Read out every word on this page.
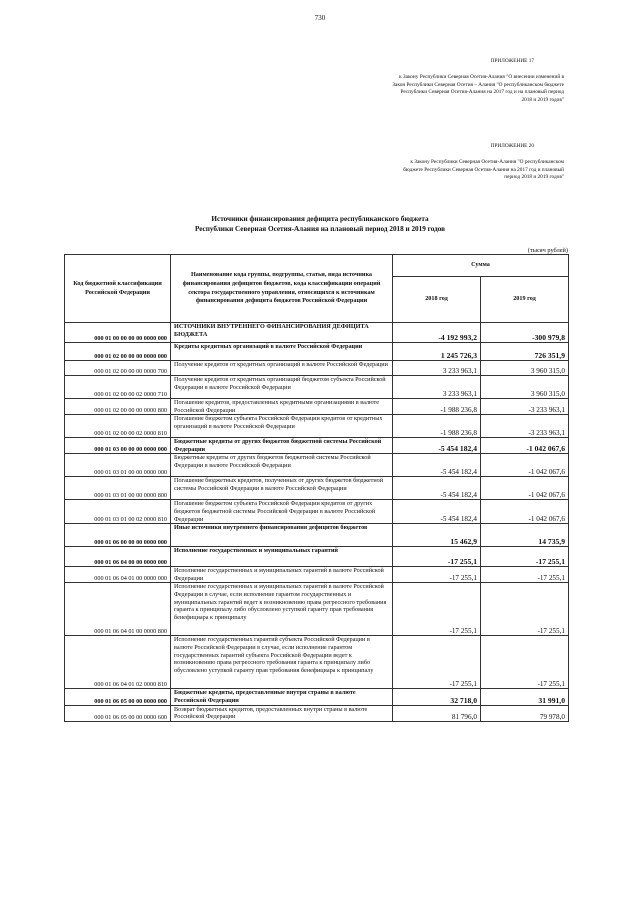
730
ПРИЛОЖЕНИЕ 17
к Закону Республики Северная Осетия-Алания "О внесении изменений в Закон Республики Северная Осетия – Алания "О республиканском бюджете Республики Северная Осетия-Алания на 2017 год и на плановый период 2018 и 2019 годов"
ПРИЛОЖЕНИЕ 20
к Закону Республики Северная Осетия-Алания "О республиканском бюджете Республики Северная Осетия-Алания на 2017 год и плановый период 2018 и 2019 годов"
Источники финансирования дефицита республиканского бюджета
Республики Северная Осетия-Алания на плановый период 2018 и 2019 годов
(тысяч рублей)
Код бюджетной классификации Российской Федерации	Наименование кода группы, подгруппы, статьи, вида источника финансирования дефицитов бюджетов, кода классификации операций сектора государственного управления, относящихся к источникам финансирования дефицита бюджетов Российской Федерации	Сумма	
		2018 год	2019 год
000 01 00 00 00 00 0000 000	ИСТОЧНИКИ ВНУТРЕННЕГО ФИНАНСИРОВАНИЯ ДЕФИЦИТА БЮДЖЕТА	-4 192 993,2	-300 979,8
000 01 02 00 00 00 0000 000	Кредиты кредитных организаций в валюте Российской Федерации	1 245 726,3	726 351,9
000 01 02 00 00 00 0000 700	Получение кредитов от кредитных организаций в валюте Российской Федерации	3 233 963,1	3 960 315,0
000 01 02 00 00 02 0000 710	Получение кредитов от кредитных организаций бюджетом субъекта Российской Федерации в валюте Российской Федерации	3 233 963,1	3 960 315,0
000 01 02 00 00 00 0000 800	Погашение кредитов, предоставленных кредитными организациями в валюте Российской Федерации	-1 988 236,8	-3 233 963,1
000 01 02 00 00 02 0000 810	Погашение бюджетом субъекта Российской Федерации кредитов от кредитных организаций в валюте Российской Федерации	-1 988 236,8	-3 233 963,1
000 01 03 00 00 00 0000 000	Бюджетные кредиты от других бюджетов бюджетной системы Российской Федерации	-5 454 182,4	-1 042 067,6
000 01 03 01 00 00 0000 000	Бюджетные кредиты от других бюджетов бюджетной системы Российской Федерации в валюте Российской Федерации	-5 454 182,4	-1 042 067,6
000 01 03 01 00 00 0000 800	Погашение бюджетных кредитов, полученных от других бюджетов бюджетной системы Российской Федерации в валюте Российской Федерации	-5 454 182,4	-1 042 067,6
000 01 03 01 00 02 0000 810	Погашение бюджетом субъекта Российской Федерации кредитов от других бюджетов бюджетной системы Российской Федерации в валюте Российской Федерации	-5 454 182,4	-1 042 067,6
000 01 06 00 00 00 0000 000	Иные источники внутреннего финансирования дефицитов бюджетов	15 462,9	14 735,9
000 01 06 04 00 00 0000 000	Исполнение государственных и муниципальных гарантий	-17 255,1	-17 255,1
000 01 06 04 01 00 0000 000	Исполнение государственных и муниципальных гарантий в валюте Российской Федерации	-17 255,1	-17 255,1
000 01 06 04 01 00 0000 800	Исполнение государственных и муниципальных гарантий в валюте Российской Федерации в случае, если исполнение гарантом государственных и муниципальных гарантий ведет к возникновению права регрессного требования гаранта к принципалу либо обусловлено уступкой гаранту прав требования бенефициара к принципалу	-17 255,1	-17 255,1
000 01 06 04 01 02 0000 810	Исполнение государственных гарантий субъекта Российской Федерации в валюте Российской Федерации в случае, если исполнение гарантом государственных гарантий субъекта Российской Федерации ведет к возникновению права регрессного требования гаранта к принципалу либо обусловлено уступкой гаранту прав требования бенефициара к принципалу	-17 255,1	-17 255,1
000 01 06 05 00 00 0000 000	Бюджетные кредиты, предоставленные внутри страны в валюте Российской Федерации	32 718,0	31 991,0
000 01 06 05 00 00 0000 600	Возврат бюджетных кредитов, предоставленных внутри страны в валюте Российской Федерации	81 796,0	79 978,0
